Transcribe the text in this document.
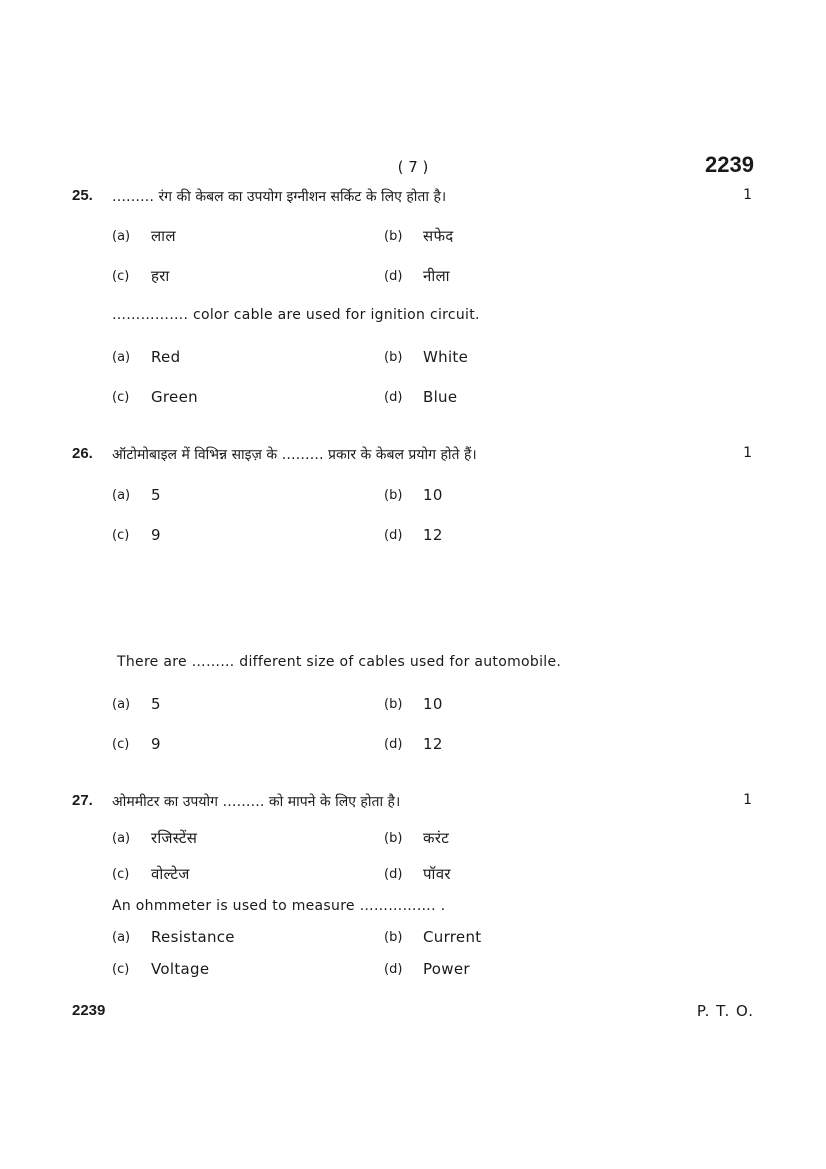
( 7 )	2239
25. ……… रंग की केबल का उपयोग इग्नीशन सर्किट के लिए होता है।	1
(a) लाल	(b) सफेद
(c) हरा	(d) नीला
……………. color cable are used for ignition circuit.
(a) Red	(b) White
(c) Green	(d) Blue
26. ऑटोमोबाइल में विभिन्न साइज़ के ……… प्रकार के केबल प्रयोग होते हैं।	1
(a) 5	(b) 10
(c) 9	(d) 12
There are ……… different size of cables used for automobile.
(a) 5	(b) 10
(c) 9	(d) 12
27. ओममीटर का उपयोग ……… को मापने के लिए होता है।	1
(a) रजिस्टेंस	(b) करंट
(c) वोल्टेज	(d) पॉवर
An ohmmeter is used to measure ……………. .
(a) Resistance	(b) Current
(c) Voltage	(d) Power
2239	P. T. O.
